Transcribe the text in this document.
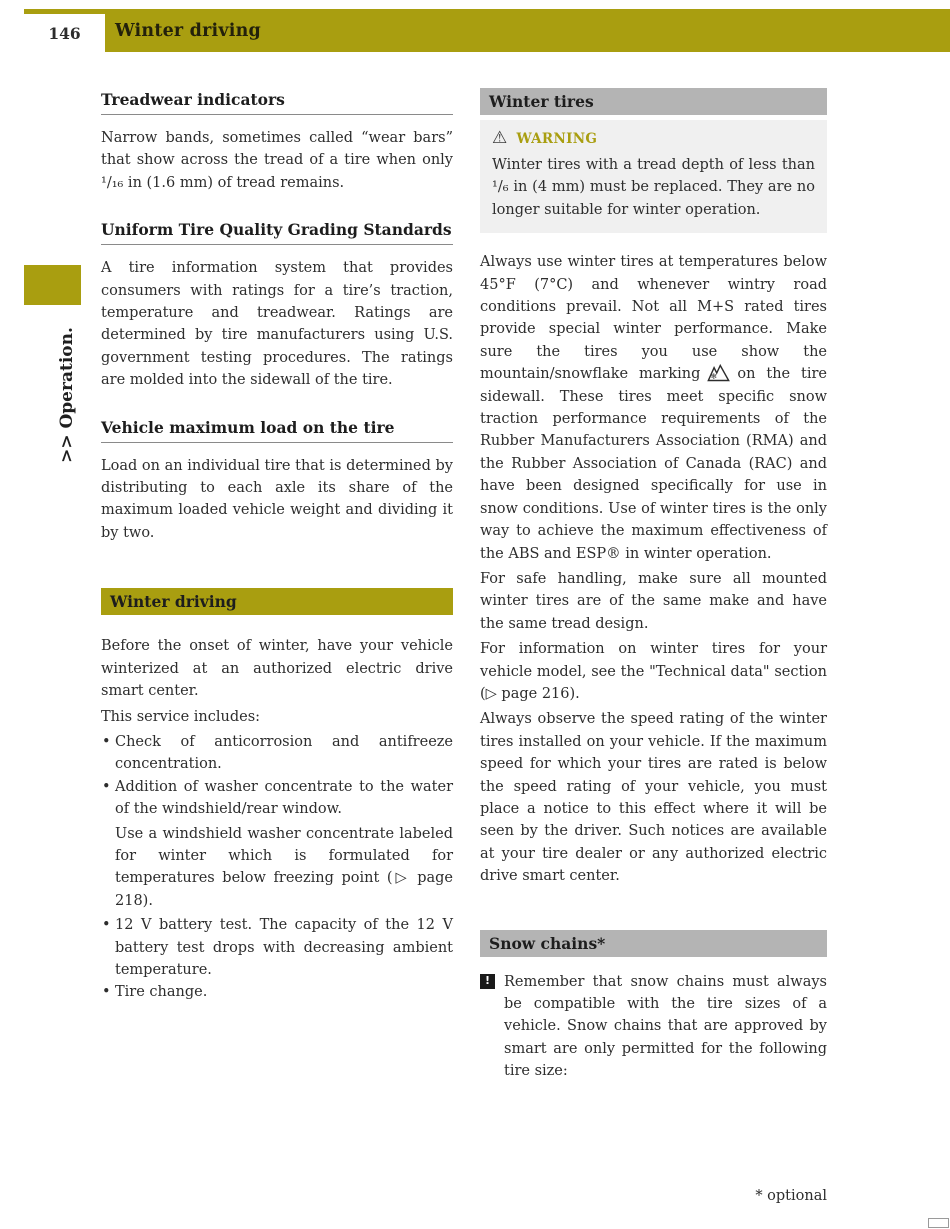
146 Winter driving
>> Operation.
Treadwear indicators

Narrow bands, sometimes called “wear bars” that show across the tread of a tire when only ¹/₁₆ in (1.6 mm) of tread remains.

Uniform Tire Quality Grading Standards

A tire information system that provides consumers with ratings for a tire’s traction, temperature and treadwear. Ratings are determined by tire manufacturers using U.S. government testing procedures. The ratings are molded into the sidewall of the tire.

Vehicle maximum load on the tire

Load on an individual tire that is determined by distributing to each axle its share of the maximum loaded vehicle weight and dividing it by two.

Winter driving

Before the onset of winter, have your vehicle winterized at an authorized electric drive smart center.

This service includes:

• Check of anticorrosion and antifreeze concentration.
• Addition of washer concentrate to the water of the windshield/rear window.
Use a windshield washer concentrate labeled for winter which is formulated for temperatures below freezing point (▷ page 218).
• 12 V battery test. The capacity of the 12 V battery test drops with decreasing ambient temperature.
• Tire change.
Winter tires
⚠
WARNING
Winter tires with a tread depth of less than ¹/₆ in (4 mm) must be replaced. They are no longer suitable for winter operation.

Always use winter tires at temperatures below 45°F (7°C) and whenever wintry road conditions prevail. Not all M+S rated tires provide special winter performance. Make sure the tires you use show the mountain/snowflake marking ❄ on the tire sidewall. These tires meet specific snow traction performance requirements of the Rubber Manufacturers Association (RMA) and the Rubber Association of Canada (RAC) and have been designed specifically for use in snow conditions. Use of winter tires is the only way to achieve the maximum effectiveness of the ABS and ESP® in winter operation.

For safe handling, make sure all mounted winter tires are of the same make and have the same tread design.

For information on winter tires for your vehicle model, see the "Technical data" section (▷ page 216).

Always observe the speed rating of the winter tires installed on your vehicle. If the maximum speed for which your tires are rated is below the speed rating of your vehicle, you must place a notice to this effect where it will be seen by the driver. Such notices are available at your tire dealer or any authorized electric drive smart center.

Snow chains*
!
Remember that snow chains must always be compatible with the tire sizes of a vehicle. Snow chains that are approved by smart are only permitted for the following tire size:
* optional
